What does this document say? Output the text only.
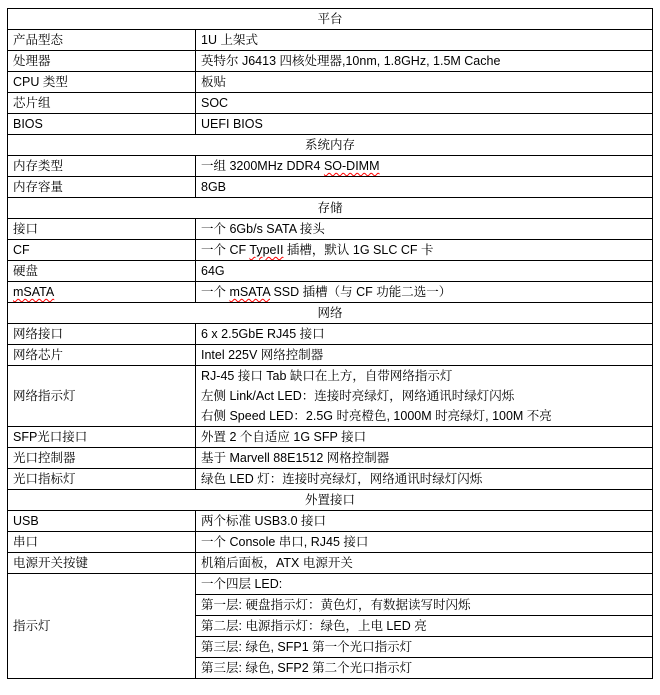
平台	
产品型态	1U 上架式
处理器	英特尔 J6413 四核处理器,10nm, 1.8GHz, 1.5M Cache
CPU 类型	板贴
芯片组	SOC
BIOS	UEFI BIOS
系统内存	
内存类型	一组 3200MHz DDR4 SO-DIMM
内存容量	8GB
存储	
接口	一个 6Gb/s SATA 接头
CF	一个 CF TypeII 插槽，默认 1G SLC CF 卡
硬盘	64G
mSATA	一个 mSATA SSD 插槽（与 CF 功能二选一）
网络	
网络接口	6 x 2.5GbE RJ45 接口
网络芯片	Intel 225V 网络控制器
网络指示灯	RJ-45 接口 Tab 缺口在上方，自带网络指示灯
左侧 Link/Act LED：连接时亮绿灯，网络通讯时绿灯闪烁
右侧 Speed LED：2.5G 时亮橙色, 1000M 时亮绿灯, 100M 不亮

SFP光口接口	外置 2 个自适应 1G SFP 接口
光口控制器	基于 Marvell 88E1512 网格控制器
光口指标灯	绿色 LED 灯：连接时亮绿灯，网络通讯时绿灯闪烁
外置接口	
USB	两个标准 USB3.0 接口
串口	一个 Console 串口, RJ45 接口
电源开关按键	机箱后面板，ATX 电源开关
指示灯	一个四层 LED:
	第一层: 硬盘指示灯：黄色灯，有数据读写时闪烁
	第二层: 电源指示灯：绿色，上电 LED 亮
	第三层: 绿色, SFP1 第一个光口指示灯
	第三层: 绿色, SFP2 第二个光口指示灯
